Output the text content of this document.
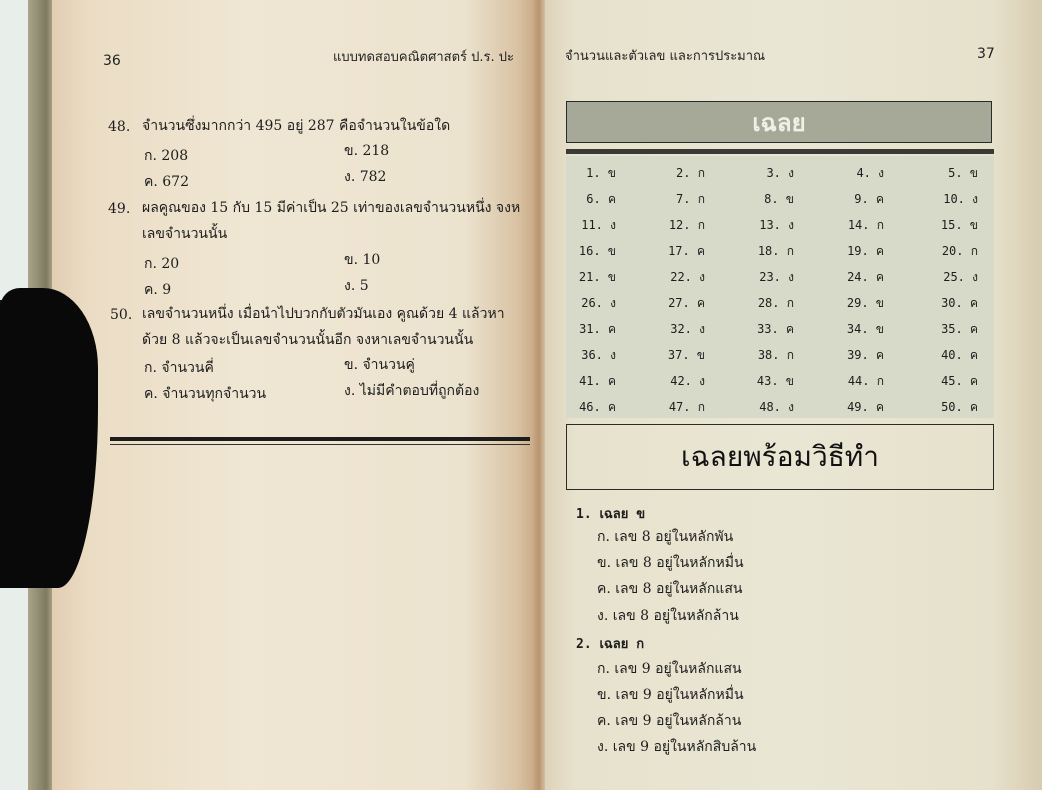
36	แบบทดสอบคณิตศาสตร์ ป.ร. ปะ
48. จำนวนซึ่งมากกว่า 495 อยู่ 287 คือจำนวนในข้อใด
ก. 208	ข. 218
ค. 672	ง. 782
49. ผลคูณของ 15 กับ 15 มีค่าเป็น 25 เท่าของเลขจำนวนหนึ่ง จงห
เลขจำนวนนั้น
ก. 20	ข. 10
ค. 9	ง. 5
50. เลขจำนวนหนึ่ง เมื่อนำไปบวกกับตัวมันเอง คูณด้วย 4 แล้วหา
ด้วย 8 แล้วจะเป็นเลขจำนวนนั้นอีก จงหาเลขจำนวนนั้น
ก. จำนวนคี่	ข. จำนวนคู่
ค. จำนวนทุกจำนวน	ง. ไม่มีคำตอบที่ถูกต้อง
จำนวนและตัวเลข และการประมาณ	37
เฉลย
1. ข	2. ก	3. ง	4. ง	5. ข
6. ค	7. ก	8. ข	9. ค	10. ง
11. ง	12. ก	13. ง	14. ก	15. ข
16. ข	17. ค	18. ก	19. ค	20. ก
21. ข	22. ง	23. ง	24. ค	25. ง
26. ง	27. ค	28. ก	29. ข	30. ค
31. ค	32. ง	33. ค	34. ข	35. ค
36. ง	37. ข	38. ก	39. ค	40. ค
41. ค	42. ง	43. ข	44. ก	45. ค
46. ค	47. ก	48. ง	49. ค	50. ค
เฉลยพร้อมวิธีทำ
1. เฉลย ข
ก. เลข 8 อยู่ในหลักพัน
ข. เลข 8 อยู่ในหลักหมื่น
ค. เลข 8 อยู่ในหลักแสน
ง. เลข 8 อยู่ในหลักล้าน
2. เฉลย ก
ก. เลข 9 อยู่ในหลักแสน
ข. เลข 9 อยู่ในหลักหมื่น
ค. เลข 9 อยู่ในหลักล้าน
ง. เลข 9 อยู่ในหลักสิบล้าน
